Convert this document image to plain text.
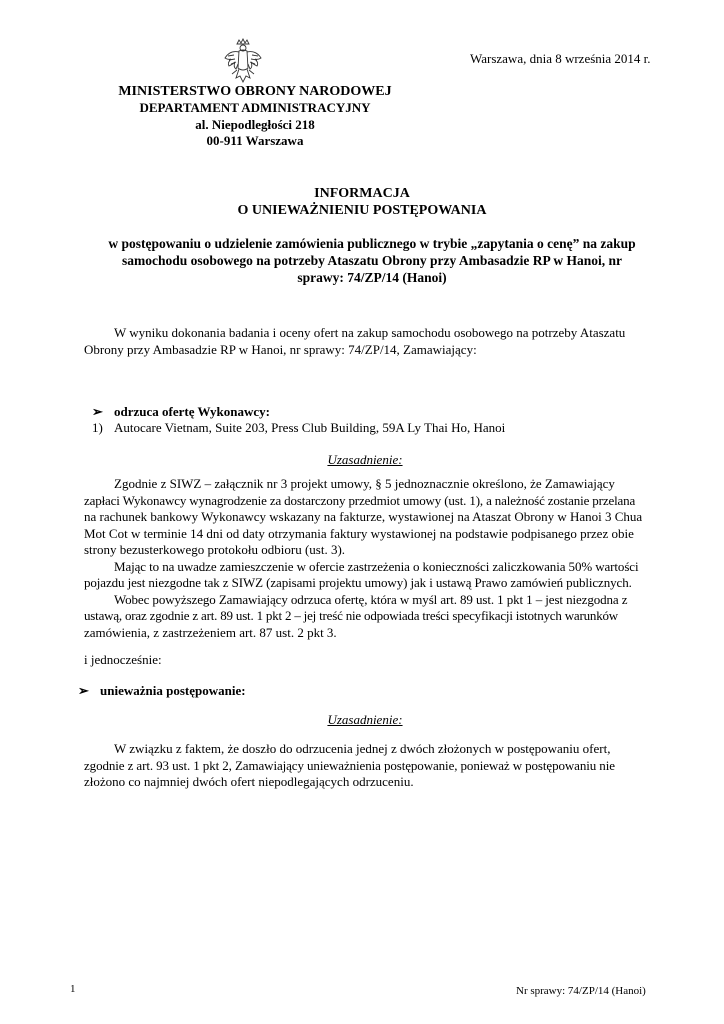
Warszawa, dnia 8 września 2014 r.
MINISTERSTWO OBRONY NARODOWEJ
DEPARTAMENT ADMINISTRACYJNY
al. Niepodległości 218
00-911 Warszawa
INFORMACJA
O UNIEWAŻNIENIU POSTĘPOWANIA
w postępowaniu o udzielenie zamówienia publicznego w trybie „zapytania o cenę” na zakup
samochodu osobowego na potrzeby Ataszatu Obrony przy Ambasadzie RP w Hanoi, nr
sprawy: 74/ZP/14 (Hanoi)
W wyniku dokonania badania i oceny ofert na zakup samochodu osobowego na potrzeby Ataszatu
Obrony przy Ambasadzie RP w Hanoi, nr sprawy: 74/ZP/14, Zamawiający:
➢ odrzuca ofertę Wykonawcy:
1) Autocare Vietnam, Suite 203, Press Club Building, 59A Ly Thai Ho, Hanoi
Uzasadnienie:
Zgodnie z SIWZ – załącznik nr 3 projekt umowy, § 5 jednoznacznie określono, że Zamawiający
zapłaci Wykonawcy wynagrodzenie za dostarczony przedmiot umowy (ust. 1), a należność zostanie przelana
na rachunek bankowy Wykonawcy wskazany na fakturze, wystawionej na Ataszat Obrony w Hanoi 3 Chua
Mot Cot w terminie 14 dni od daty otrzymania faktury wystawionej na podstawie podpisanego przez obie
strony bezusterkowego protokołu odbioru (ust. 3).
Mając to na uwadze zamieszczenie w ofercie zastrzeżenia o konieczności zaliczkowania 50% wartości
pojazdu jest niezgodne tak z SIWZ (zapisami projektu umowy) jak i ustawą Prawo zamówień publicznych.
Wobec powyższego Zamawiający odrzuca ofertę, która w myśl art. 89 ust. 1 pkt 1 – jest niezgodna z
ustawą, oraz zgodnie z art. 89 ust. 1 pkt 2 – jej treść nie odpowiada treści specyfikacji istotnych warunków
zamówienia, z zastrzeżeniem art. 87 ust. 2 pkt 3.
i jednocześnie:
➢ unieważnia postępowanie:
Uzasadnienie:
W związku z faktem, że doszło do odrzucenia jednej z dwóch złożonych w postępowaniu ofert,
zgodnie z art. 93 ust. 1 pkt 2, Zamawiający unieważnienia postępowanie, ponieważ w postępowaniu nie
złożono co najmniej dwóch ofert niepodlegających odrzuceniu.
1	Nr sprawy: 74/ZP/14 (Hanoi)
